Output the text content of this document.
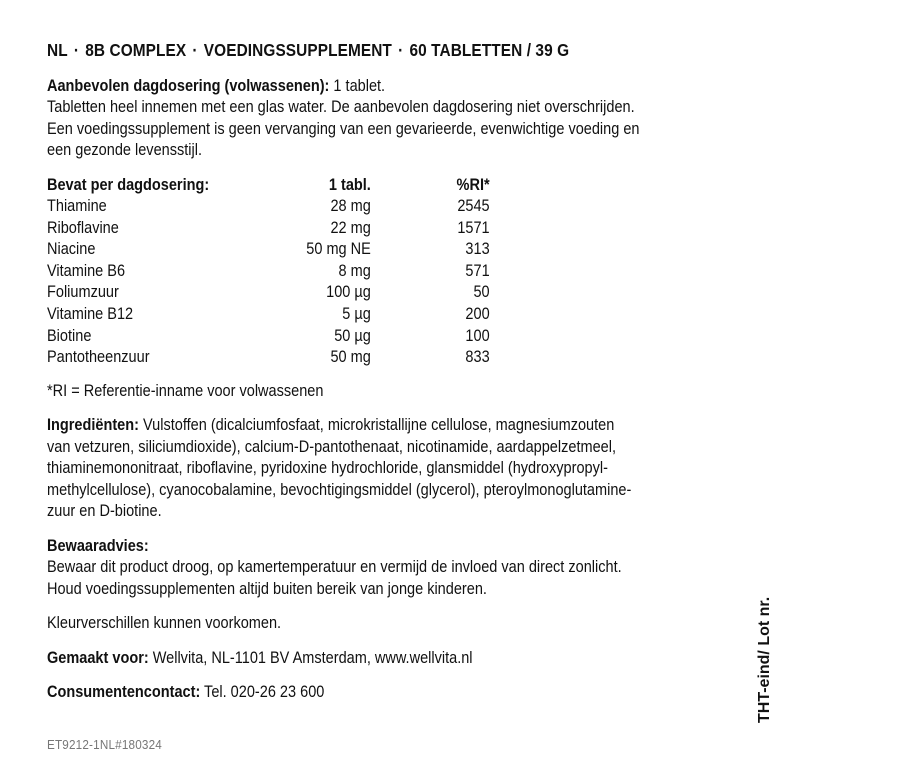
NL · 8B COMPLEX · VOEDINGSSUPPLEMENT · 60 TABLETTEN / 39 G

Aanbevolen dagdosering (volwassenen): 1 tablet.

Tabletten heel innemen met een glas water. De aanbevolen dagdosering niet overschrijden.

Een voedingssupplement is geen vervanging van een gevarieerde, evenwichtige voeding en

een gezonde levensstijl.

Bevat per dagdosering:	1 tabl.	%RI*
Thiamine	28 mg	2545
Riboflavine	22 mg	1571
Niacine	50 mg NE	313
Vitamine B6	8 mg	571
Foliumzuur	100 µg	50
Vitamine B12	5 µg	200
Biotine	50 µg	100
Pantotheenzuur	50 mg	833

*RI = Referentie-inname voor volwassenen

Ingrediënten: Vulstoffen (dicalciumfosfaat, microkristallijne cellulose, magnesiumzouten

van vetzuren, siliciumdioxide), calcium-D-pantothenaat, nicotinamide, aardappelzetmeel,

thiaminemononitraat, riboflavine, pyridoxine hydrochloride, glansmiddel (hydroxypropyl-

methylcellulose), cyanocobalamine, bevochtigingsmiddel (glycerol), pteroylmonoglutamine-

zuur en D-biotine.

Bewaaradvies:

Bewaar dit product droog, op kamertemperatuur en vermijd de invloed van direct zonlicht.

Houd voedingssupplementen altijd buiten bereik van jonge kinderen.

Kleurverschillen kunnen voorkomen.

Gemaakt voor: Wellvita, NL-1101 BV Amsterdam, www.wellvita.nl

Consumentencontact: Tel. 020-26 23 600

ET9212-1NL#180324
THT-eind/ Lot nr.
